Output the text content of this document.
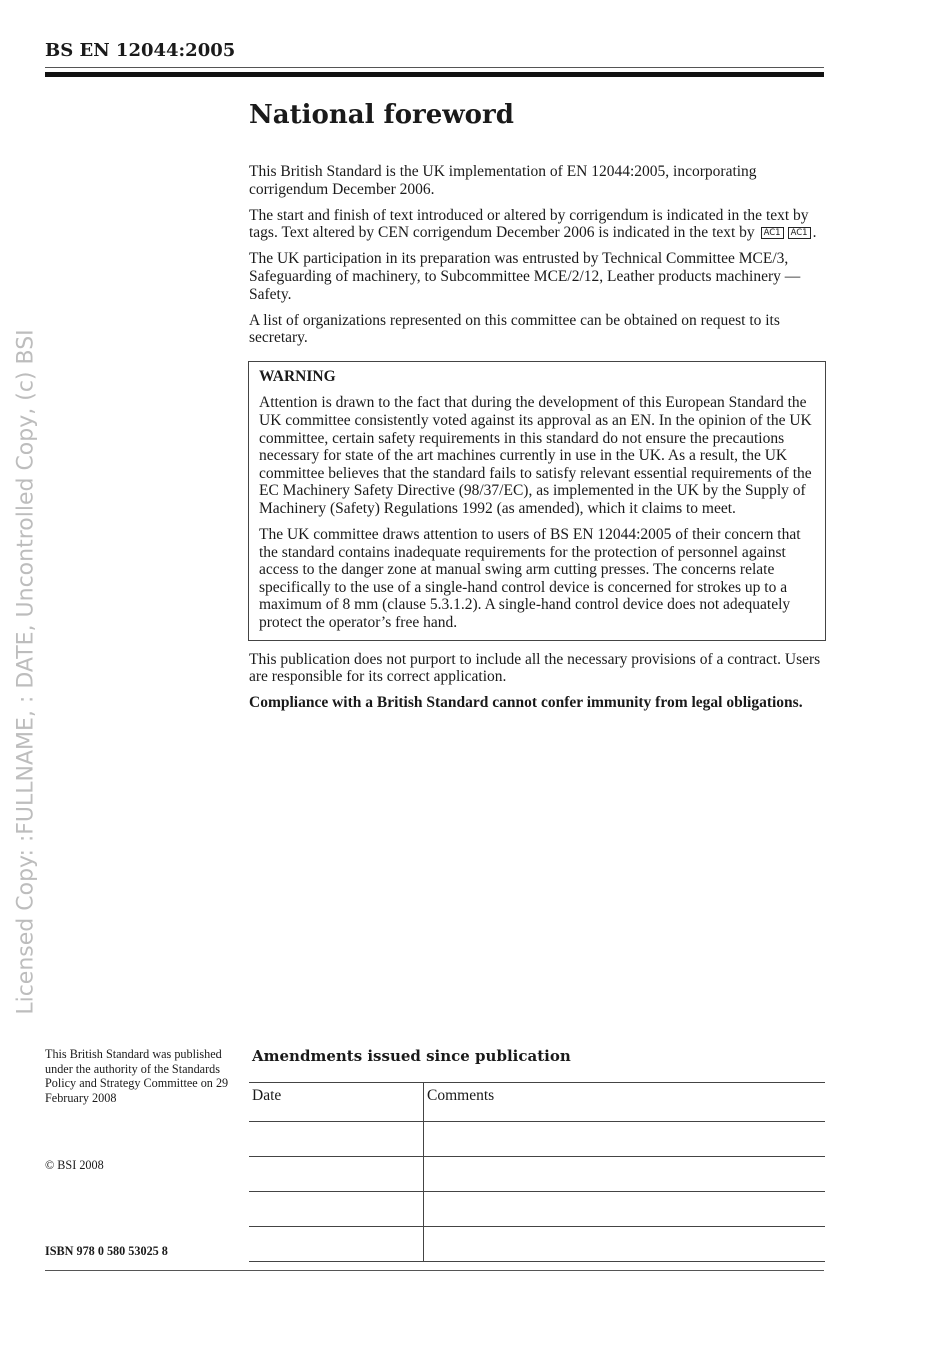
BS EN 12044:2005
Licensed Copy: :FULLNAME, : DATE, Uncontrolled Copy, (c) BSI
National foreword

This British Standard is the UK implementation of EN 12044:2005, incorporating corrigendum December 2006.

The start and finish of text introduced or altered by corrigendum is indicated in the text by tags. Text altered by CEN corrigendum December 2006 is indicated in the text by AC1 AC1 .

The UK participation in its preparation was entrusted by Technical Committee MCE/3, Safeguarding of machinery, to Subcommittee MCE/2/12, Leather products machinery — Safety.

A list of organizations represented on this committee can be obtained on request to its secretary.

WARNING

Attention is drawn to the fact that during the development of this European Standard the UK committee consistently voted against its approval as an EN. In the opinion of the UK committee, certain safety requirements in this standard do not ensure the precautions necessary for state of the art machines currently in use in the UK. As a result, the UK committee believes that the standard fails to satisfy relevant essential requirements of the EC Machinery Safety Directive (98/37/EC), as implemented in the UK by the Supply of Machinery (Safety) Regulations 1992 (as amended), which it claims to meet.

The UK committee draws attention to users of BS EN 12044:2005 of their concern that the standard contains inadequate requirements for the protection of personnel against access to the danger zone at manual swing arm cutting presses. The concerns relate specifically to the use of a single-hand control device is concerned for strokes up to a maximum of 8 mm (clause 5.3.1.2). A single-hand control device does not adequately protect the operator’s free hand.

This publication does not purport to include all the necessary provisions of a contract. Users are responsible for its correct application.

Compliance with a British Standard cannot confer immunity from legal obligations.

This British Standard was published under the authority of the Standards Policy and Strategy Committee on 29 February 2008

© BSI 2008

ISBN 978 0 580 53025 8

Amendments issued since publication
Date	Comments
